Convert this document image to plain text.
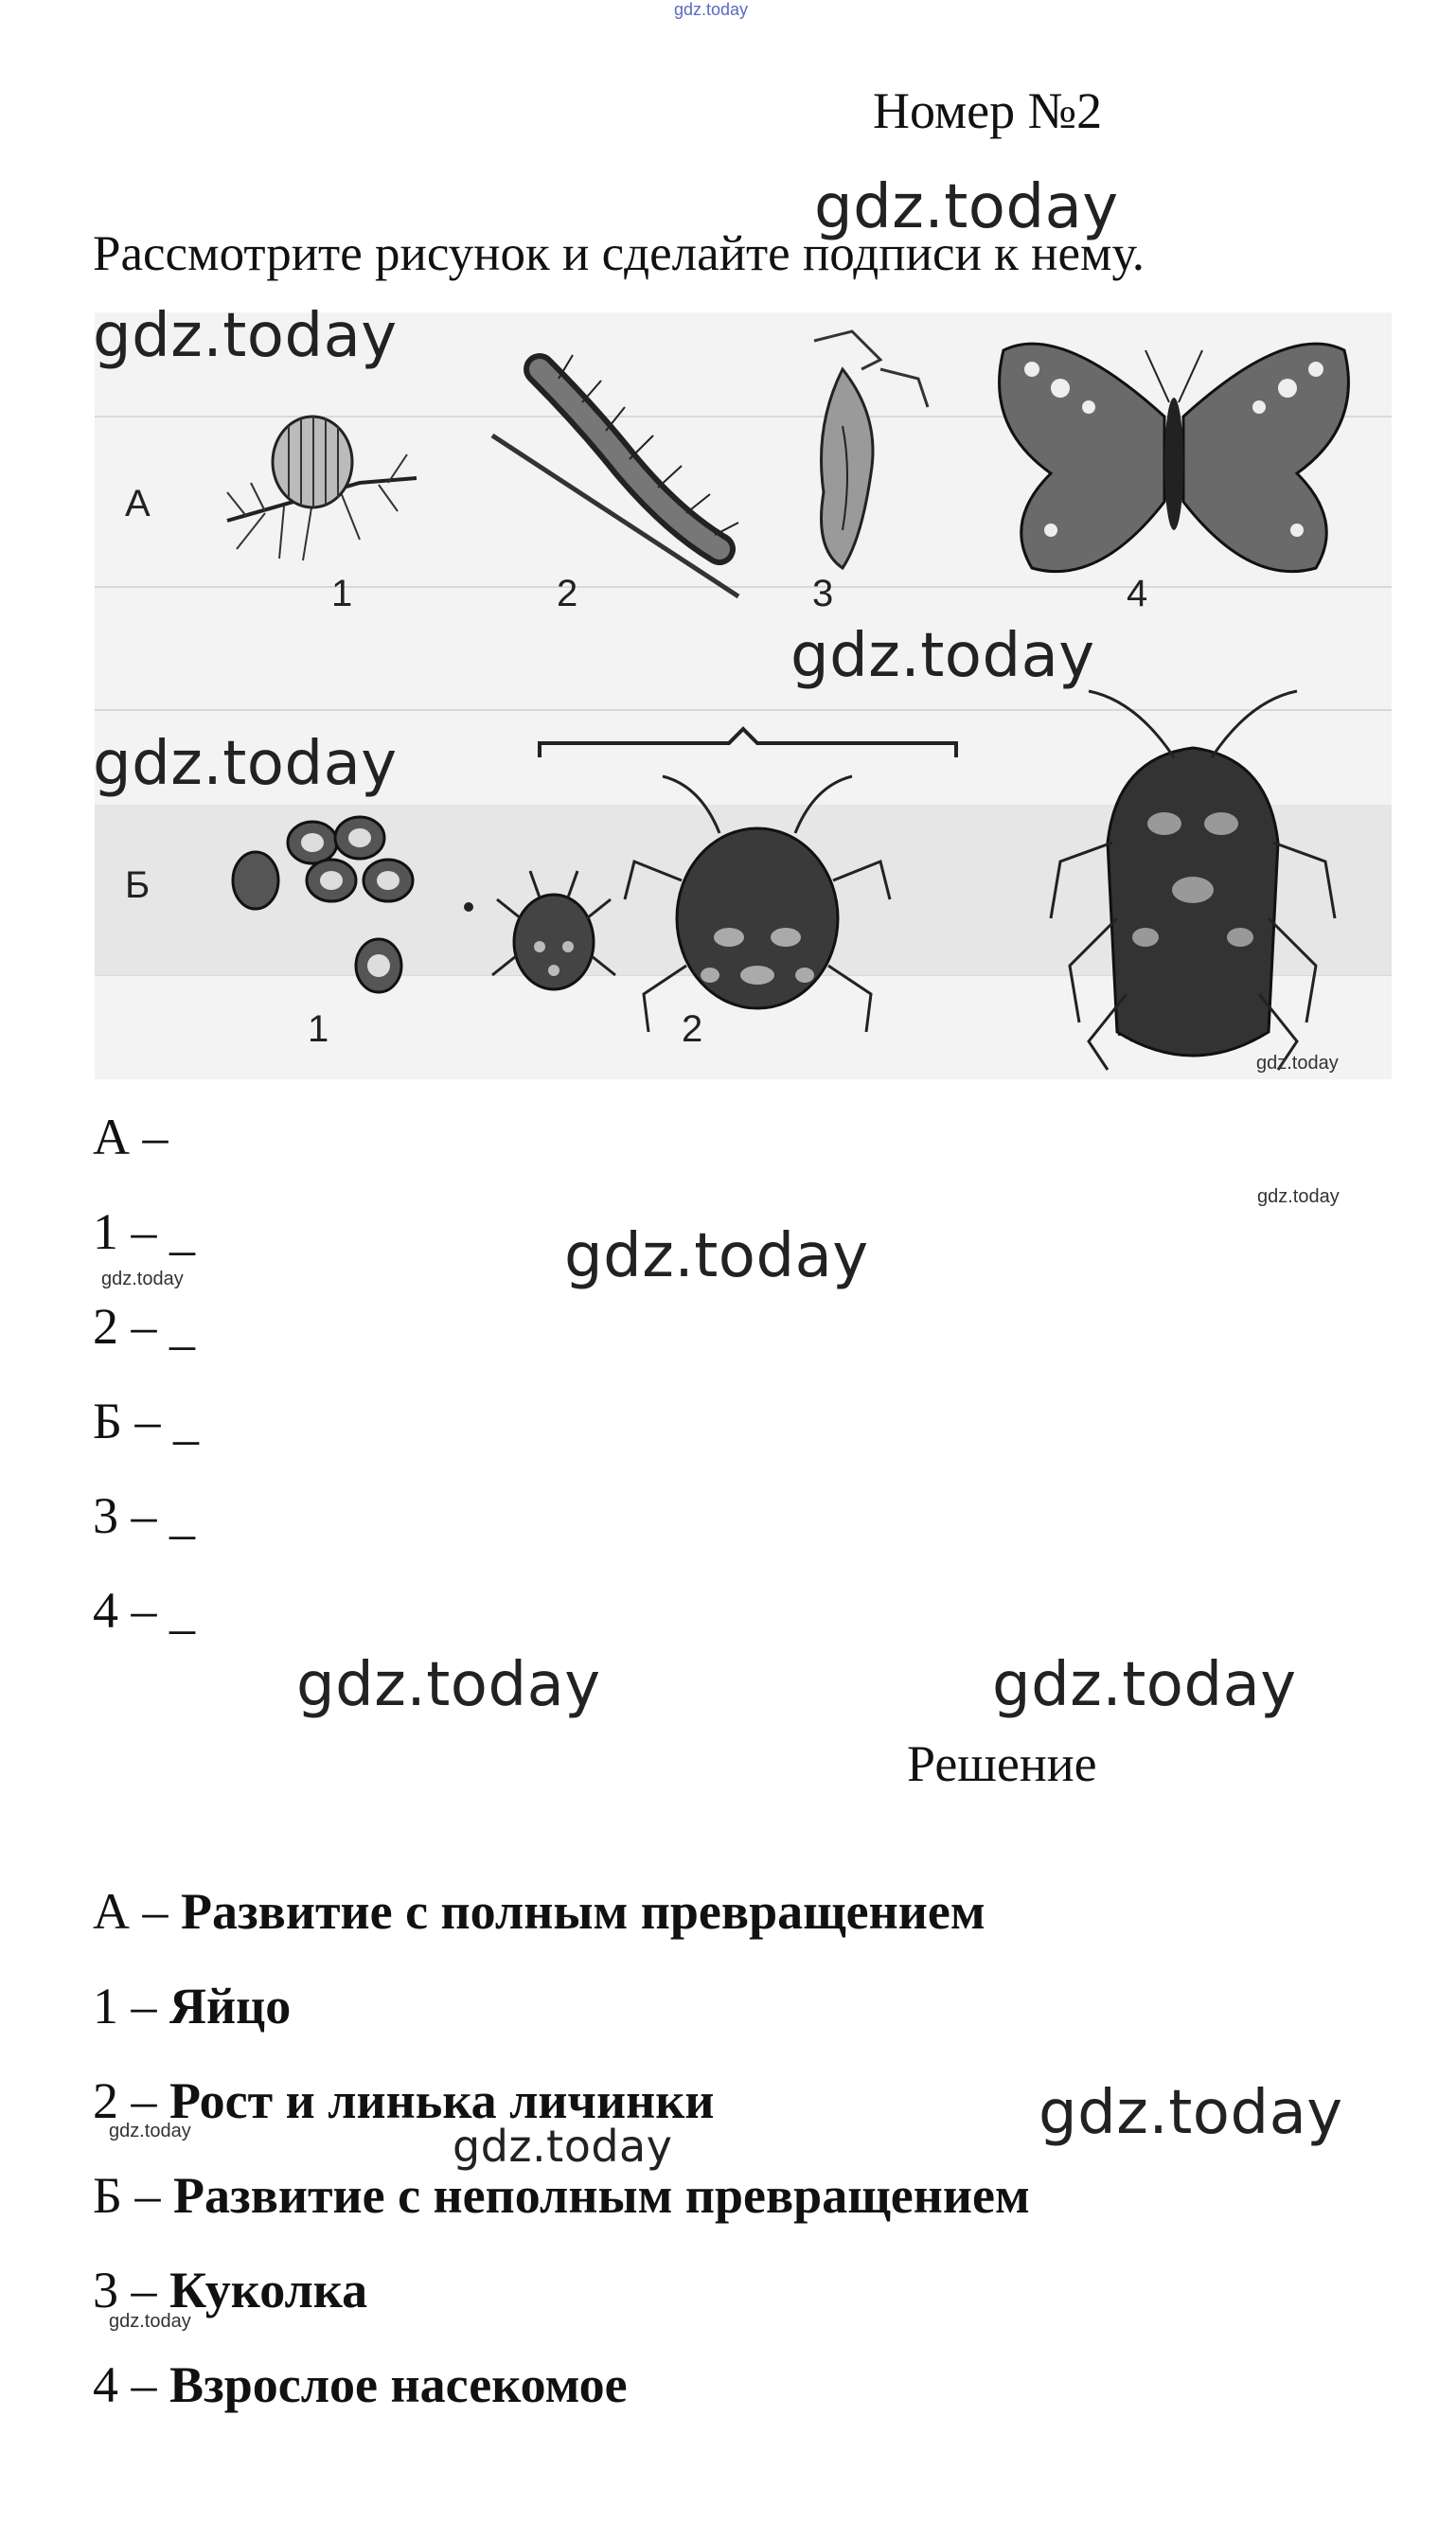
gdz.today
Номер №2
Рассмотрите рисунок и сделайте подписи к нему.
А
1	2	3	4
Б
1	2
gdz.today
gdz.today
gdz.today
gdz.today
gdz.today
gdz.today	gdz.today
gdz.today
gdz.today
gdz.today
gdz.today
gdz.today
gdz.today
gdz.today
А –
1 – _
2 – _
Б – _
3 – _
4 – _
Решение
А – Развитие с полным превращением
1 – Яйцо
2 – Рост и линька личинки
Б – Развитие с неполным превращением
3 – Куколка
4 – Взрослое насекомое
